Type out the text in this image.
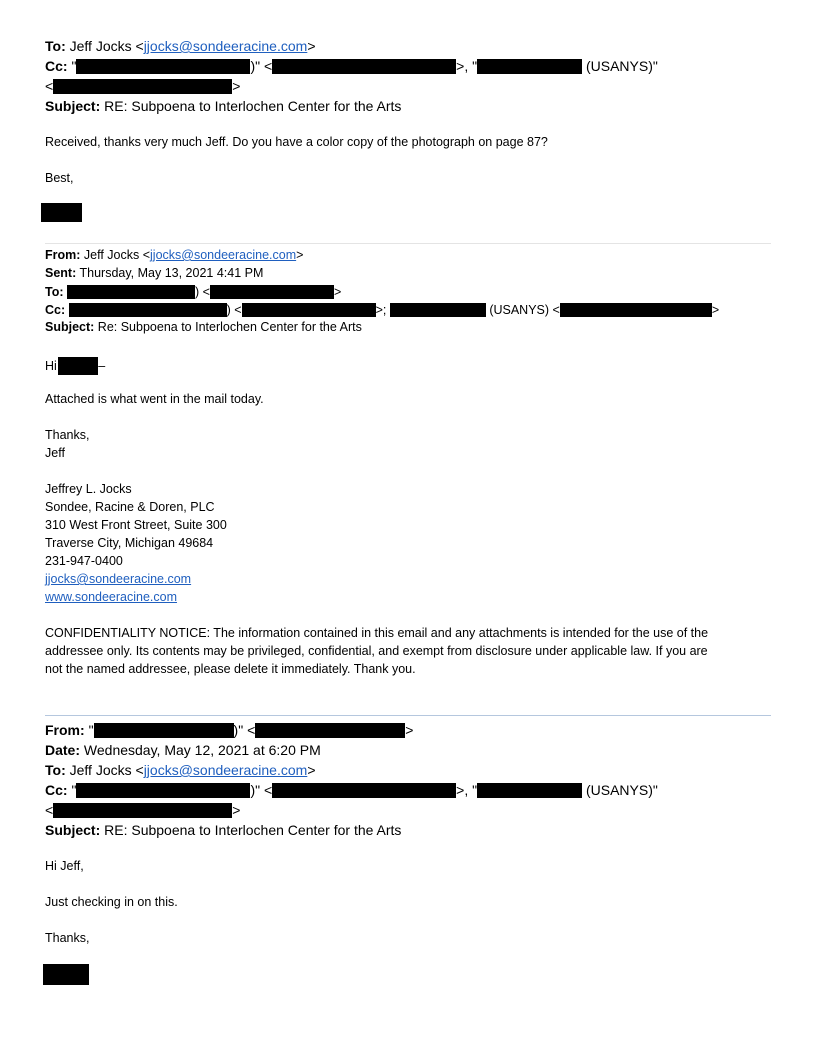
To: Jeff Jocks <jjocks@sondeeracine.com>
Cc: "	)" <	>, "	(USANYS)"
<	>
Subject: RE: Subpoena to Interlochen Center for the Arts
Received, thanks very much Jeff. Do you have a color copy of the photograph on page 87?
Best,
From: Jeff Jocks <jjocks@sondeeracine.com>
Sent: Thursday, May 13, 2021 4:41 PM
To:	) <	>
Cc:	) <	>;	(USANYS) <	>
Subject: Re: Subpoena to Interlochen Center for the Arts
Hi	–
Attached is what went in the mail today.
Thanks,
Jeff
Jeffrey L. Jocks
Sondee, Racine & Doren, PLC
310 West Front Street, Suite 300
Traverse City, Michigan 49684
231-947-0400
jjocks@sondeeracine.com
www.sondeeracine.com
CONFIDENTIALITY NOTICE: The information contained in this email and any attachments is intended for the use of the
addressee only. Its contents may be privileged, confidential, and exempt from disclosure under applicable law. If you are
not the named addressee, please delete it immediately. Thank you.
From: "	)" <	>
Date: Wednesday, May 12, 2021 at 6:20 PM
To: Jeff Jocks <jjocks@sondeeracine.com>
Cc: "	)" <	>, "	(USANYS)"
<	>
Subject: RE: Subpoena to Interlochen Center for the Arts
Hi Jeff,
Just checking in on this.
Thanks,
